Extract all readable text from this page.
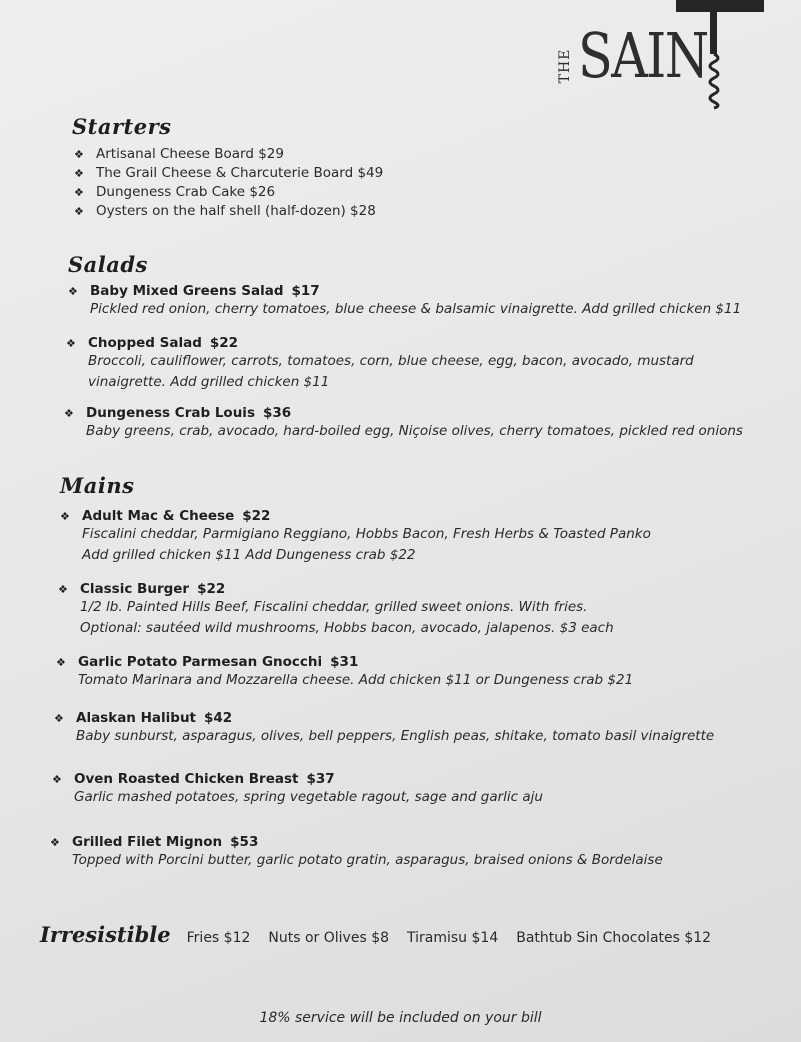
THE SAIN
Starters
❖ Artisanal Cheese Board $29
❖ The Grail Cheese & Charcuterie Board $49
❖ Dungeness Crab Cake $26
❖ Oysters on the half shell (half-dozen) $28
Salads
❖ Baby Mixed Greens Salad $17
Pickled red onion, cherry tomatoes, blue cheese & balsamic vinaigrette. Add grilled chicken $11
❖ Chopped Salad $22
Broccoli, cauliflower, carrots, tomatoes, corn, blue cheese, egg, bacon, avocado, mustard
vinaigrette. Add grilled chicken $11
❖ Dungeness Crab Louis $36
Baby greens, crab, avocado, hard-boiled egg, Niçoise olives, cherry tomatoes, pickled red onions
Mains
❖ Adult Mac & Cheese $22
Fiscalini cheddar, Parmigiano Reggiano, Hobbs Bacon, Fresh Herbs & Toasted Panko
Add grilled chicken $11 Add Dungeness crab $22
❖ Classic Burger $22
1/2 lb. Painted Hills Beef, Fiscalini cheddar, grilled sweet onions. With fries.
Optional: sautéed wild mushrooms, Hobbs bacon, avocado, jalapenos. $3 each
❖ Garlic Potato Parmesan Gnocchi $31
Tomato Marinara and Mozzarella cheese. Add chicken $11 or Dungeness crab $21
❖ Alaskan Halibut $42
Baby sunburst, asparagus, olives, bell peppers, English peas, shitake, tomato basil vinaigrette
❖ Oven Roasted Chicken Breast $37
Garlic mashed potatoes, spring vegetable ragout, sage and garlic aju
❖ Grilled Filet Mignon $53
Topped with Porcini butter, garlic potato gratin, asparagus, braised onions & Bordelaise
Irresistible Fries $12 Nuts or Olives $8 Tiramisu $14 Bathtub Sin Chocolates $12
18% service will be included on your bill
